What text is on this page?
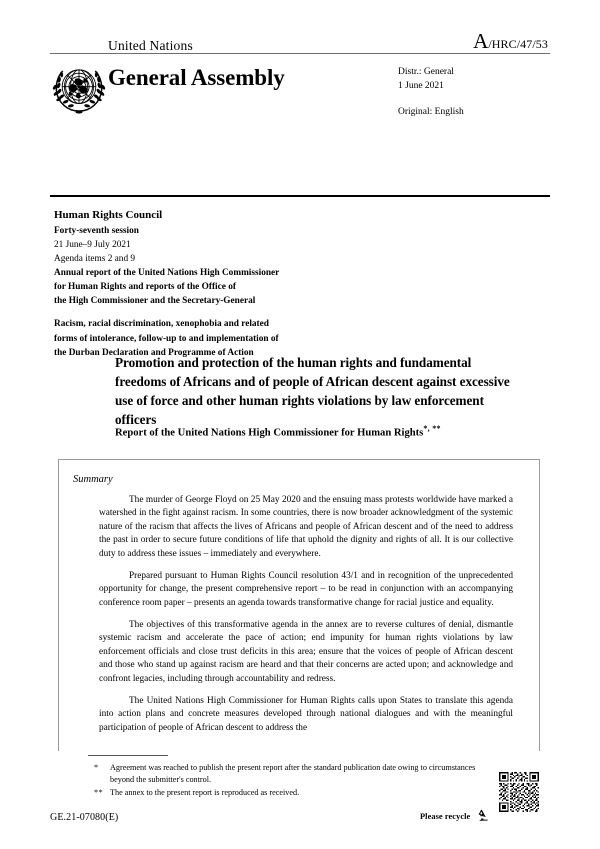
United Nations	A/HRC/47/53
General Assembly	Distr.: General
1 June 2021
Original: English
Human Rights Council
Forty-seventh session
21 June–9 July 2021
Agenda items 2 and 9
Annual report of the United Nations High Commissioner
for Human Rights and reports of the Office of
the High Commissioner and the Secretary-General
Racism, racial discrimination, xenophobia and related
forms of intolerance, follow-up to and implementation of
the Durban Declaration and Programme of Action
Promotion and protection of the human rights and fundamental freedoms of Africans and of people of African descent against excessive use of force and other human rights violations by law enforcement officers
Report of the United Nations High Commissioner for Human Rights*, **
Summary

The murder of George Floyd on 25 May 2020 and the ensuing mass protests worldwide have marked a watershed in the fight against racism. In some countries, there is now broader acknowledgment of the systemic nature of the racism that affects the lives of Africans and people of African descent and of the need to address the past in order to secure future conditions of life that uphold the dignity and rights of all. It is our collective duty to address these issues – immediately and everywhere.

Prepared pursuant to Human Rights Council resolution 43/1 and in recognition of the unprecedented opportunity for change, the present comprehensive report – to be read in conjunction with an accompanying conference room paper – presents an agenda towards transformative change for racial justice and equality.

The objectives of this transformative agenda in the annex are to reverse cultures of denial, dismantle systemic racism and accelerate the pace of action; end impunity for human rights violations by law enforcement officials and close trust deficits in this area; ensure that the voices of people of African descent and those who stand up against racism are heard and that their concerns are acted upon; and acknowledge and confront legacies, including through accountability and redress.

The United Nations High Commissioner for Human Rights calls upon States to translate this agenda into action plans and concrete measures developed through national dialogues and with the meaningful participation of people of African descent to address the

*	Agreement was reached to publish the present report after the standard publication date owing to circumstances beyond the submitter's control.
** The annex to the present report is reproduced as received.
GE.21-07080(E)	Please recycle
